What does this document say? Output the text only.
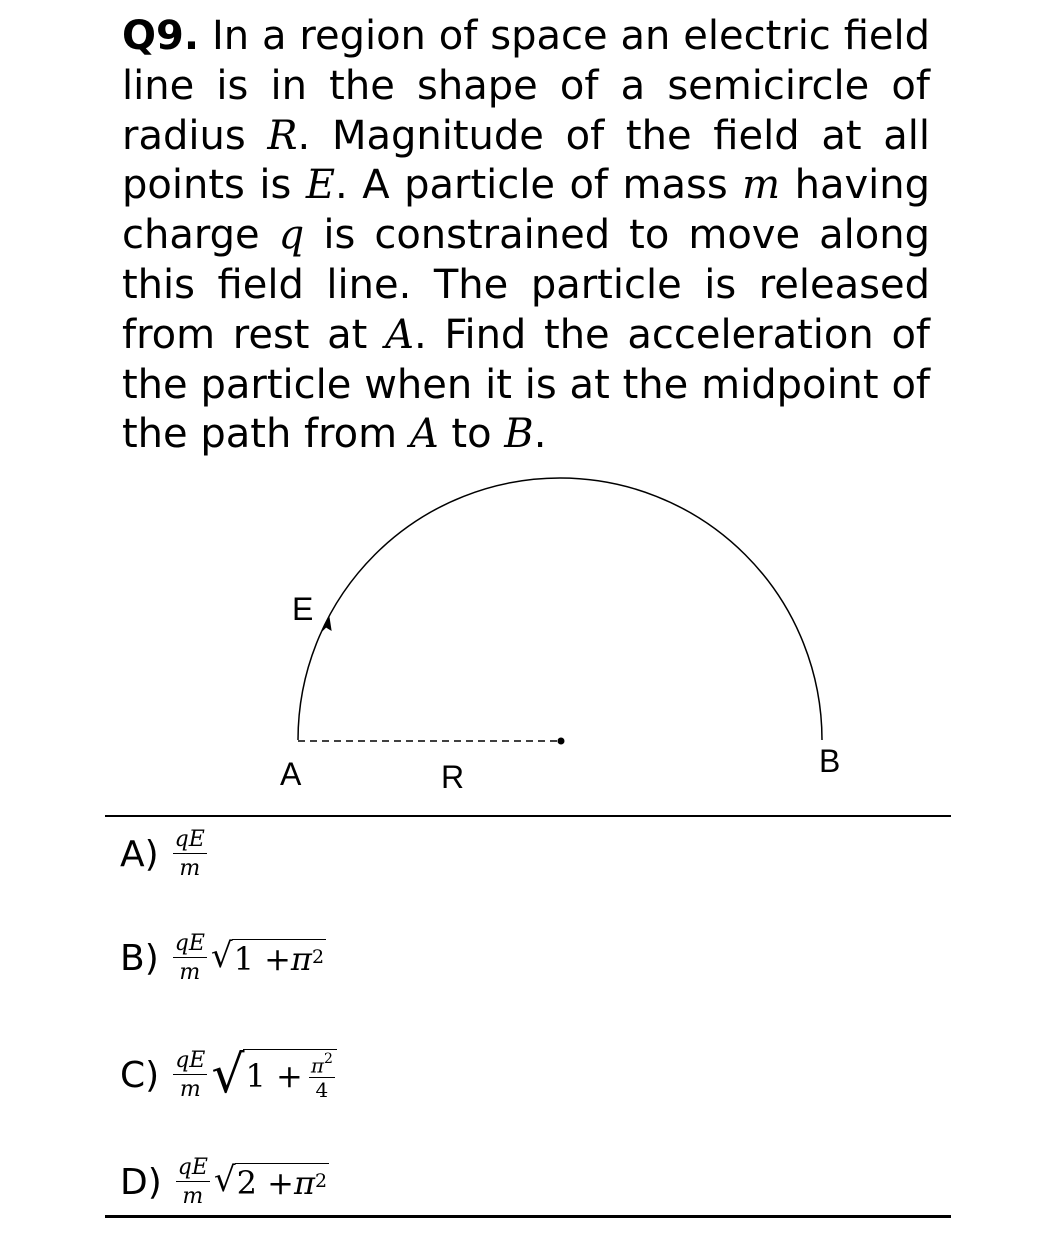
Q9. In a region of space an electric field
line is in the shape of a semicircle of
radius R. Magnitude of the field at all
points is E. A particle of mass m having
charge q is constrained to move along
this field line. The particle is released
from rest at A. Find the acceleration of
the particle when it is at the midpoint of
the path from A to B.
E
A	R	B
$A) \frac{qE}{m}$
$B) \frac{qE}{m}$ √ 1 + π 2
$C) \frac{qE}{m}$ √ $1 + \frac{\pi^2}{4}$
$D) \frac{qE}{m}$ √ 2 + π 2
